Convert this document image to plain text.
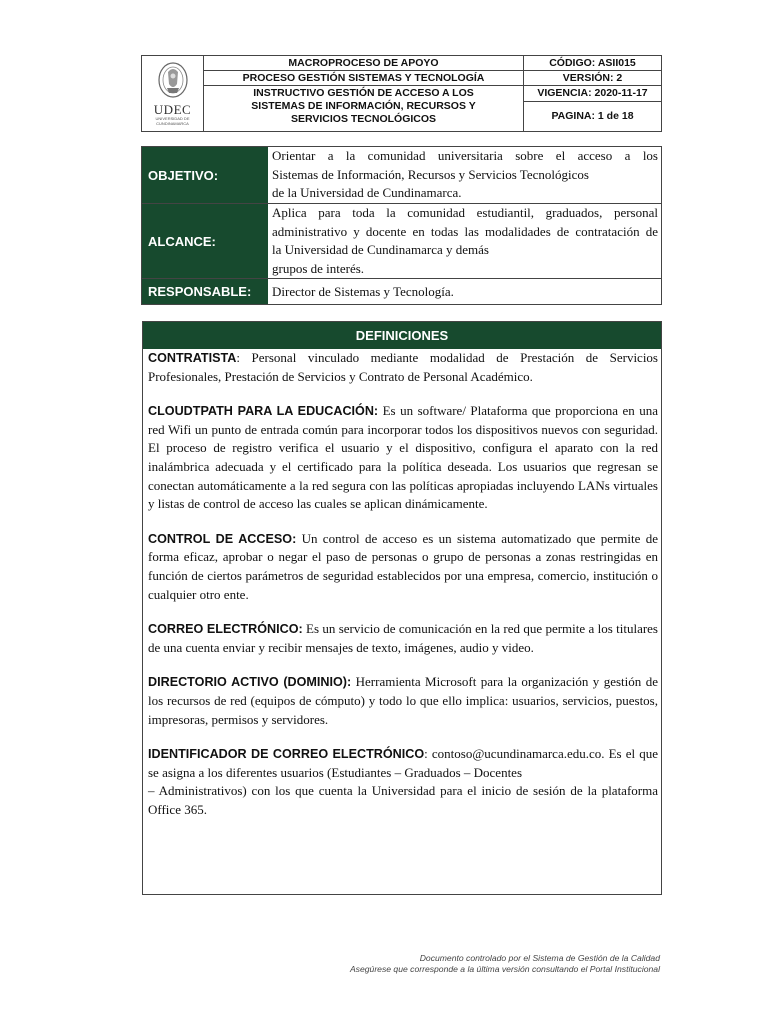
UDEC
UNIVERSIDAD DE CUNDINAMARCA
MACROPROCESO DE APOYO
PROCESO GESTIÓN SISTEMAS Y TECNOLOGÍA
INSTRUCTIVO GESTIÓN DE ACCESO A LOS
SISTEMAS DE INFORMACIÓN, RECURSOS Y
SERVICIOS TECNOLÓGICOS
CÓDIGO: ASII015
VERSIÓN: 2
VIGENCIA: 2020-11-17
PAGINA: 1 de 18
OBJETIVO:
Orientar a la comunidad universitaria sobre el acceso a los
Sistemas de Información, Recursos y Servicios Tecnológicos
de la Universidad de Cundinamarca.
ALCANCE:
Aplica para toda la comunidad estudiantil, graduados, personal
administrativo y docente en todas las modalidades de contratación de
la Universidad de Cundinamarca y demás
grupos de interés.
RESPONSABLE:	Director de Sistemas y Tecnología.
DEFINICIONES

CONTRATISTA: Personal vinculado mediante modalidad de Prestación de Servicios Profesionales, Prestación de Servicios y Contrato de Personal Académico.

CLOUDTPATH PARA LA EDUCACIÓN: Es un software/ Plataforma que proporciona en una red Wifi un punto de entrada común para incorporar todos los dispositivos nuevos con seguridad. El proceso de registro verifica el usuario y el dispositivo, configura el aparato con la red inalámbrica adecuada y el certificado para la política deseada. Los usuarios que regresan se conectan automáticamente a la red segura con las políticas apropiadas incluyendo LANs virtuales y listas de control de acceso las cuales se aplican dinámicamente.

CONTROL DE ACCESO: Un control de acceso es un sistema automatizado que permite de forma eficaz, aprobar o negar el paso de personas o grupo de personas a zonas restringidas en función de ciertos parámetros de seguridad establecidos por una empresa, comercio, institución o cualquier otro ente.

CORREO ELECTRÓNICO: Es un servicio de comunicación en la red que permite a los titulares de una cuenta enviar y recibir mensajes de texto, imágenes, audio y video.

DIRECTORIO ACTIVO (DOMINIO): Herramienta Microsoft para la organización y gestión de los recursos de red (equipos de cómputo) y todo lo que ello implica: usuarios, servicios, puestos, impresoras, permisos y servidores.

IDENTIFICADOR DE CORREO ELECTRÓNICO: contoso@ucundinamarca.edu.co. Es el que se asigna a los diferentes usuarios (Estudiantes – Graduados – Docentes
– Administrativos) con los que cuenta la Universidad para el inicio de sesión de la plataforma Office 365.

Documento controlado por el Sistema de Gestión de la Calidad
Asegúrese que corresponde a la última versión consultando el Portal Institucional
